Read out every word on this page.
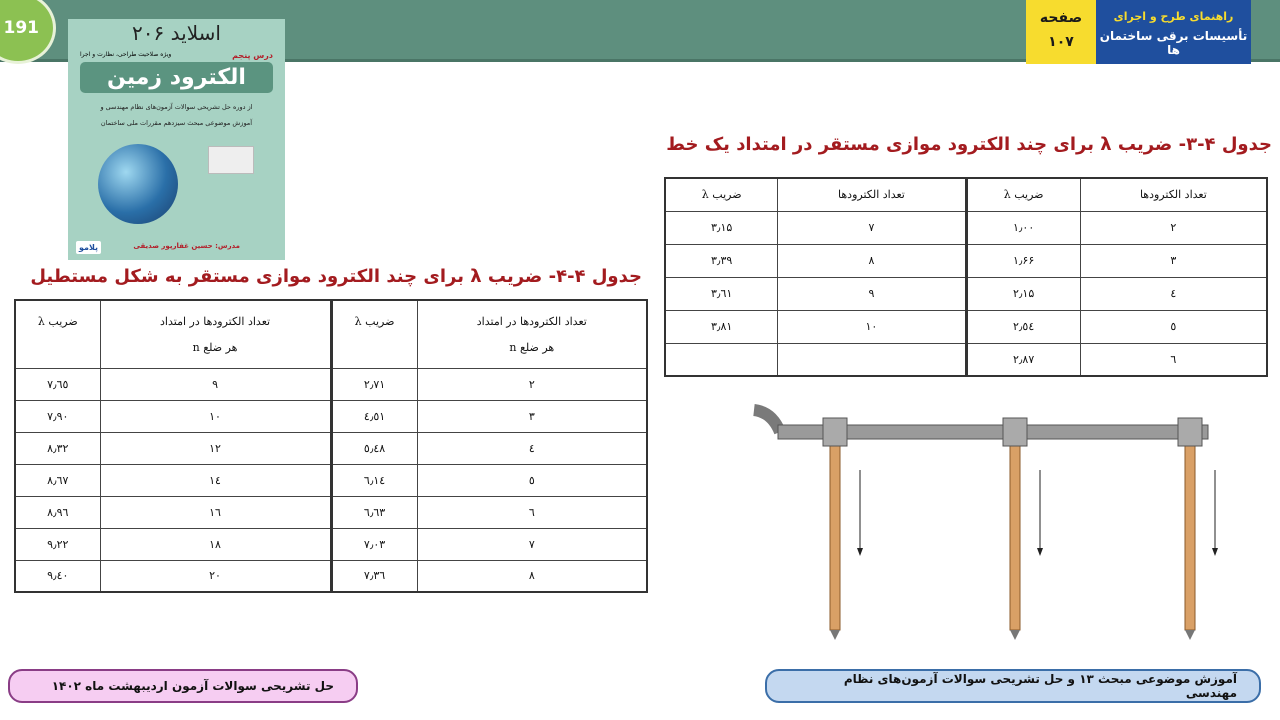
191	صفحه
۱۰۷
راهنمای طرح و اجرای
تأسیسات برقی ساختمان ها
اسلاید ۲۰۶
درس پنجم
ویژه صلاحیت طراحی، نظارت و اجرا
الکترود زمین
از دوره حل تشریحی سوالات آزمون‌های نظام مهندسی و
آموزش موضوعی مبحث سیزدهم مقررات ملی ساختمان
مدرس: حسین غفارپور صدیقی
پلامو
جدول ۴-۳- ضریب λ برای چند الکترود موازی مستقر در امتداد یک خط
تعداد الکترودها	ضریب λ	تعداد الکترودها	ضریب λ
۲	۱٫۰۰	۷	۳٫۱۵
۳	۱٫۶۶	۸	۳٫۳۹
٤	۲٫۱۵	۹	۳٫٦۱
٥	۲٫٥٤	۱۰	۳٫۸۱
٦	۲٫۸۷		
جدول ۴-۴- ضریب λ برای چند الکترود موازی مستقر به شکل مستطیل
تعداد الکترودها در امتداد
هر ضلع n	ضریب λ	تعداد الکترودها در امتداد
هر ضلع n	ضریب λ
۲	۲٫۷۱	۹	۷٫٦٥
۳	٤٫٥۱	۱۰	۷٫۹۰
٤	٥٫٤۸	۱۲	۸٫۳۲
٥	٦٫۱٤	۱٤	۸٫٦۷
٦	٦٫٦۳	۱٦	۸٫۹٦
۷	۷٫۰۳	۱۸	۹٫۲۲
۸	۷٫۳٦	۲۰	۹٫٤۰
حل تشریحی سوالات آزمون اردیبهشت ماه ۱۴۰۲	آموزش موضوعی مبحث ۱۳ و حل تشریحی سوالات آزمون‌های نظام مهندسی
